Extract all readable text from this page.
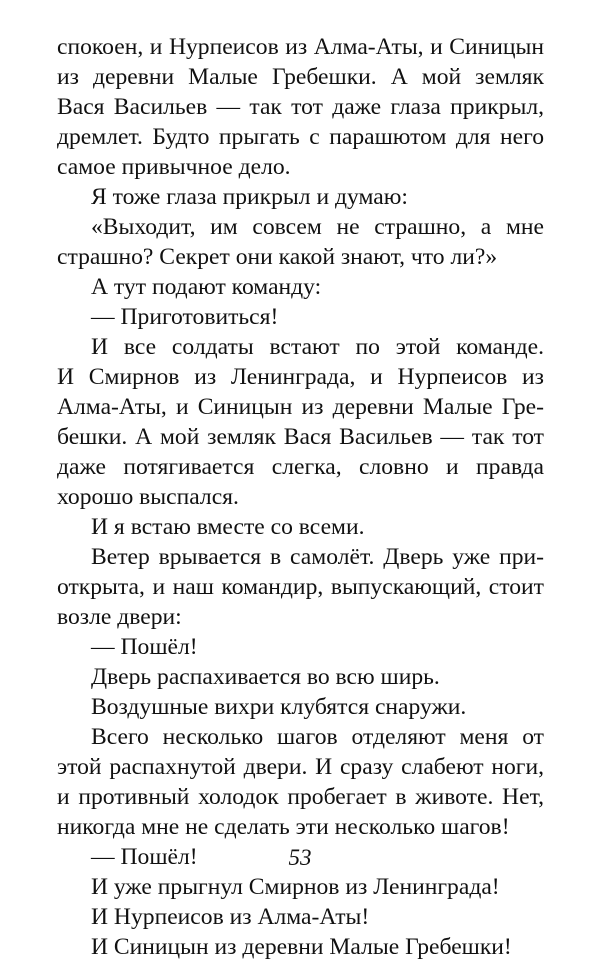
спокоен, и Нурпеисов из Алма-Аты, и Синицын
из деревни Малые Гребешки. А мой земляк
Вася Васильев — так тот даже глаза прикрыл,
дремлет. Будто прыгать с парашютом для него
самое привычное дело.
Я тоже глаза прикрыл и думаю:
«Выходит, им совсем не страшно, а мне
страшно? Секрет они какой знают, что ли?»
А тут подают команду:
— Приготовиться!
И все солдаты встают по этой команде.
И Смирнов из Ленинграда, и Нурпеисов из
Алма-Аты, и Синицын из деревни Малые Гре-
бешки. А мой земляк Вася Васильев — так тот
даже потягивается слегка, словно и правда
хорошо выспался.
И я встаю вместе со всеми.
Ветер врывается в самолёт. Дверь уже при-
открыта, и наш командир, выпускающий, стоит
возле двери:
— Пошёл!
Дверь распахивается во всю ширь.
Воздушные вихри клубятся снаружи.
Всего несколько шагов отделяют меня от
этой распахнутой двери. И сразу слабеют ноги,
и противный холодок пробегает в животе. Нет,
никогда мне не сделать эти несколько шагов!
— Пошёл!
И уже прыгнул Смирнов из Ленинграда!
И Нурпеисов из Алма-Аты!
И Синицын из деревни Малые Гребешки!
53
